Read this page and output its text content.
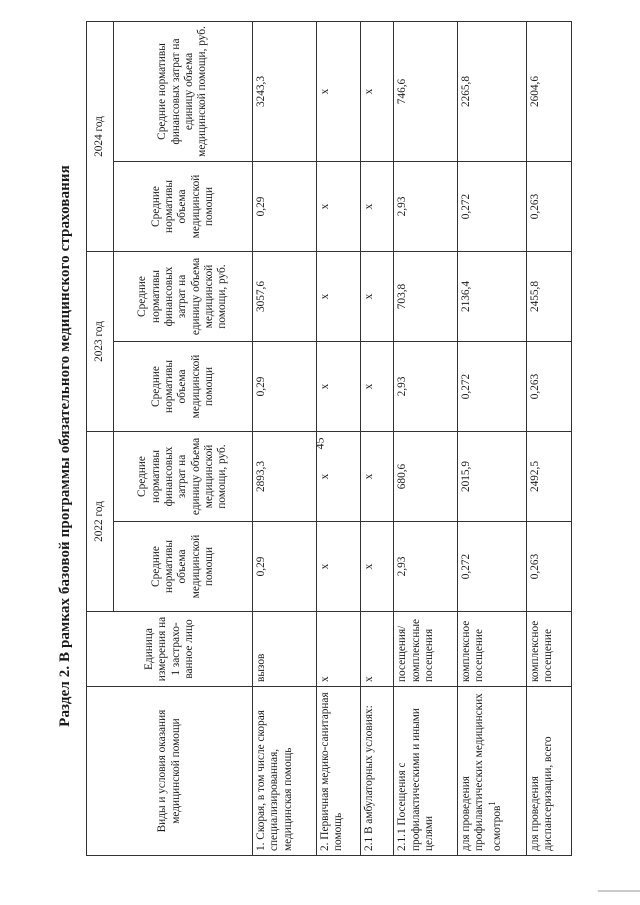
45
Раздел 2. В рамках базовой программы обязательного медицинского страхования
Виды и условия оказания медицинской помощи	Единица измерения на 1 застрахо-ванное лицо	2022 год		2023 год		2024 год	
		Средние нормативы объема медицинской помощи	Средние нормативы финансовых затрат на единицу объема медицинской помощи, руб.	Средние нормативы объема медицинской помощи	Средние нормативы финансовых затрат на единицу объема медицинской помощи, руб.	Средние нормативы объема медицинской помощи	Средние нормативы финансовых затрат на единицу объема медицинской помощи, руб.
1. Скорая, в том числе скорая специализированная, медицинская помощь	вызов	0,29	2893,3	0,29	3057,6	0,29	3243,3
2. Первичная медико-санитарная помощь	х	х	х	х	х	х	х
2.1 В амбулаторных условиях:	х	х	х	х	х	х	х
2.1.1 Посещения с профилактическими и иными целями	посещения/ комплексные посещения	2,93	680,6	2,93	703,8	2,93	746,6
для проведения профилактических медицинских осмотров$^1$	комплексное посещение	0,272	2015,9	0,272	2136,4	0,272	2265,8
для проведения диспансеризации, всего	комплексное посещение	0,263	2492,5	0,263	2455,8	0,263	2604,6
